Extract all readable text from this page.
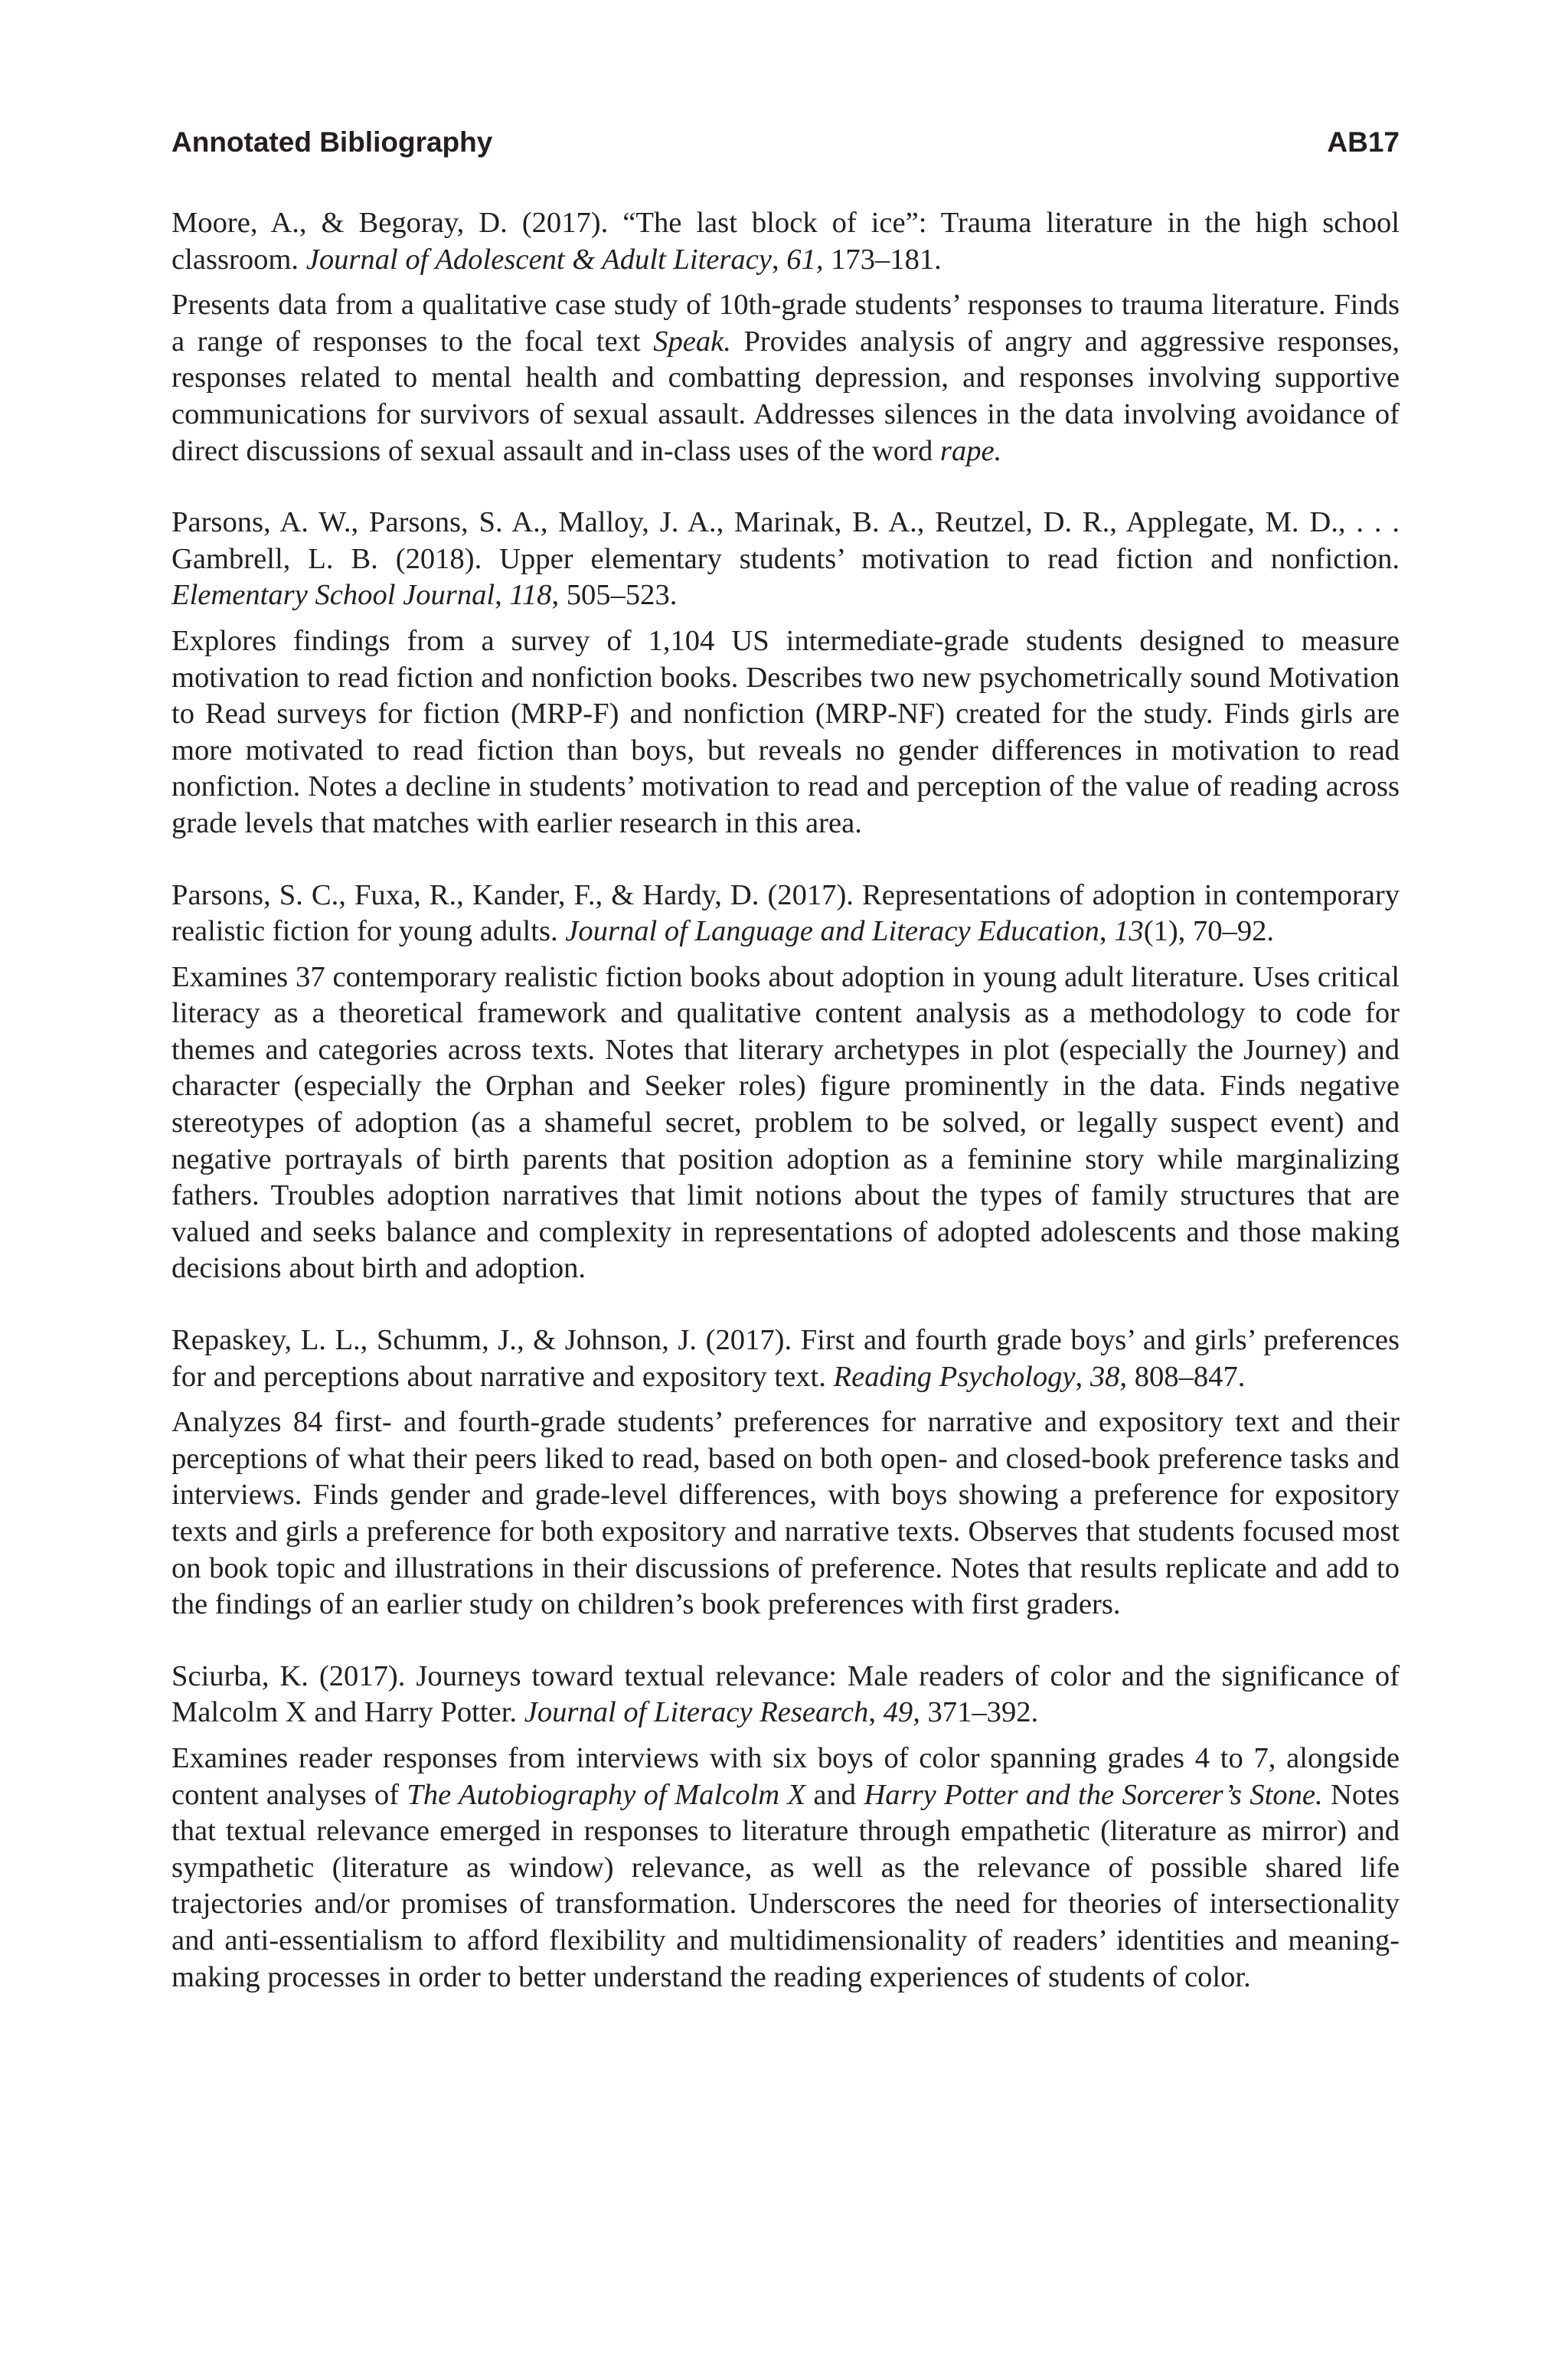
Annotated Bibliography	AB17

Moore, A., & Begoray, D. (2017). “The last block of ice”: Trauma literature in the high school classroom. Journal of Adolescent & Adult Literacy, 61, 173–181.

Presents data from a qualitative case study of 10th-grade students’ responses to trauma literature. Finds a range of responses to the focal text Speak. Provides analysis of angry and aggressive responses, responses related to mental health and combatting depression, and responses involving supportive communications for survivors of sexual assault. Addresses silences in the data involving avoidance of direct discussions of sexual assault and in-class uses of the word rape.

Parsons, A. W., Parsons, S. A., Malloy, J. A., Marinak, B. A., Reutzel, D. R., Applegate, M. D., . . . Gambrell, L. B. (2018). Upper elementary students’ motivation to read fiction and nonfiction. Elementary School Journal, 118, 505–523.

Explores findings from a survey of 1,104 US intermediate-grade students designed to measure motivation to read fiction and nonfiction books. Describes two new psychometrically sound Motivation to Read surveys for fiction (MRP-F) and nonfiction (MRP-NF) created for the study. Finds girls are more motivated to read fiction than boys, but reveals no gender differences in motivation to read nonfiction. Notes a decline in students’ motivation to read and perception of the value of reading across grade levels that matches with earlier research in this area.

Parsons, S. C., Fuxa, R., Kander, F., & Hardy, D. (2017). Representations of adoption in contemporary realistic fiction for young adults. Journal of Language and Literacy Education, 13(1), 70–92.

Examines 37 contemporary realistic fiction books about adoption in young adult literature. Uses critical literacy as a theoretical framework and qualitative content analysis as a methodology to code for themes and categories across texts. Notes that literary archetypes in plot (especially the Journey) and character (especially the Orphan and Seeker roles) figure prominently in the data. Finds negative stereotypes of adoption (as a shameful secret, problem to be solved, or legally suspect event) and negative portrayals of birth parents that position adoption as a feminine story while marginalizing fathers. Troubles adoption narratives that limit notions about the types of family structures that are valued and seeks balance and complexity in representations of adopted adolescents and those making decisions about birth and adoption.

Repaskey, L. L., Schumm, J., & Johnson, J. (2017). First and fourth grade boys’ and girls’ preferences for and perceptions about narrative and expository text. Reading Psychology, 38, 808–847.

Analyzes 84 first- and fourth-grade students’ preferences for narrative and expository text and their perceptions of what their peers liked to read, based on both open- and closed-book preference tasks and interviews. Finds gender and grade-level differences, with boys showing a preference for expository texts and girls a preference for both expository and narrative texts. Observes that students focused most on book topic and illustrations in their discussions of preference. Notes that results replicate and add to the findings of an earlier study on children’s book preferences with first graders.

Sciurba, K. (2017). Journeys toward textual relevance: Male readers of color and the significance of Malcolm X and Harry Potter. Journal of Literacy Research, 49, 371–392.

Examines reader responses from interviews with six boys of color spanning grades 4 to 7, alongside content analyses of The Autobiography of Malcolm X and Harry Potter and the Sorcerer’s Stone. Notes that textual relevance emerged in responses to literature through empathetic (literature as mirror) and sympathetic (literature as window) relevance, as well as the relevance of possible shared life trajectories and/or promises of transformation. Underscores the need for theories of intersectionality and anti-essentialism to afford flexibility and multidimensionality of readers’ identities and meaning-making processes in order to better understand the reading experiences of students of color.
